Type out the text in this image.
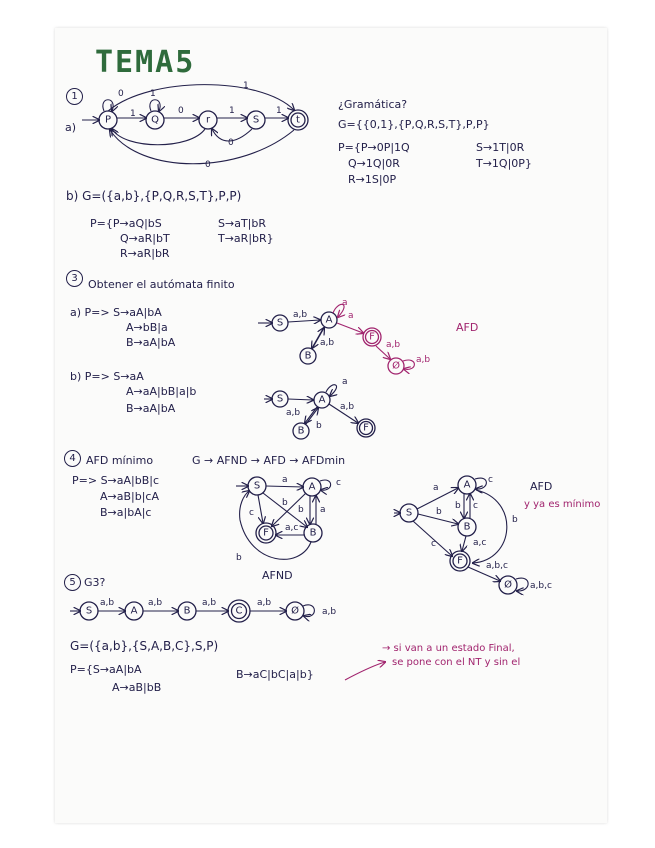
TEMA5
1
a)
P	Q	r	S	t
0
1	0	1	1
1
1
0
0
S	A
B
F
Ø
a,b	a
a
a,b	a,b
a,b
S	A
B	F
a
a,b
a,b
b
S	A
B
F
a
b
c	b a
c
a,c
b
S
A
B
F
Ø
a
b
c
b c
a,c
a,b,c
c
b
a,b,c
S	A	B	C	Ø
a,b	a,b	a,b	a,b
a,b
¿Gramática?
G={{0,1},{P,Q,R,S,T},P,P}
P={P→0P|1Q
Q→1Q|0R
R→1S|0P
S→1T|0R
T→1Q|0P}
b) G=({a,b},{P,Q,R,S,T},P,P)
P={P→aQ|bS
Q→aR|bT
R→aR|bR
S→aT|bR
T→aR|bR}
3 Obtener el autómata finito
a) P=> S→aA|bA
A→bB|a
B→aA|bA
AFD
b) P=> S→aA
A→aA|bB|a|b
B→aA|bA
4 AFD mínimo	G → AFND → AFD → AFDmin
P=> S→aA|bB|c
A→aB|b|cA
B→a|bA|c
AFND
AFD
y ya es mínimo
5 G3?
G=({a,b},{S,A,B,C},S,P)
P={S→aA|bA
A→aB|bB
B→aC|bC|a|b}
→ si van a un estado Final,
se pone con el NT y sin el
